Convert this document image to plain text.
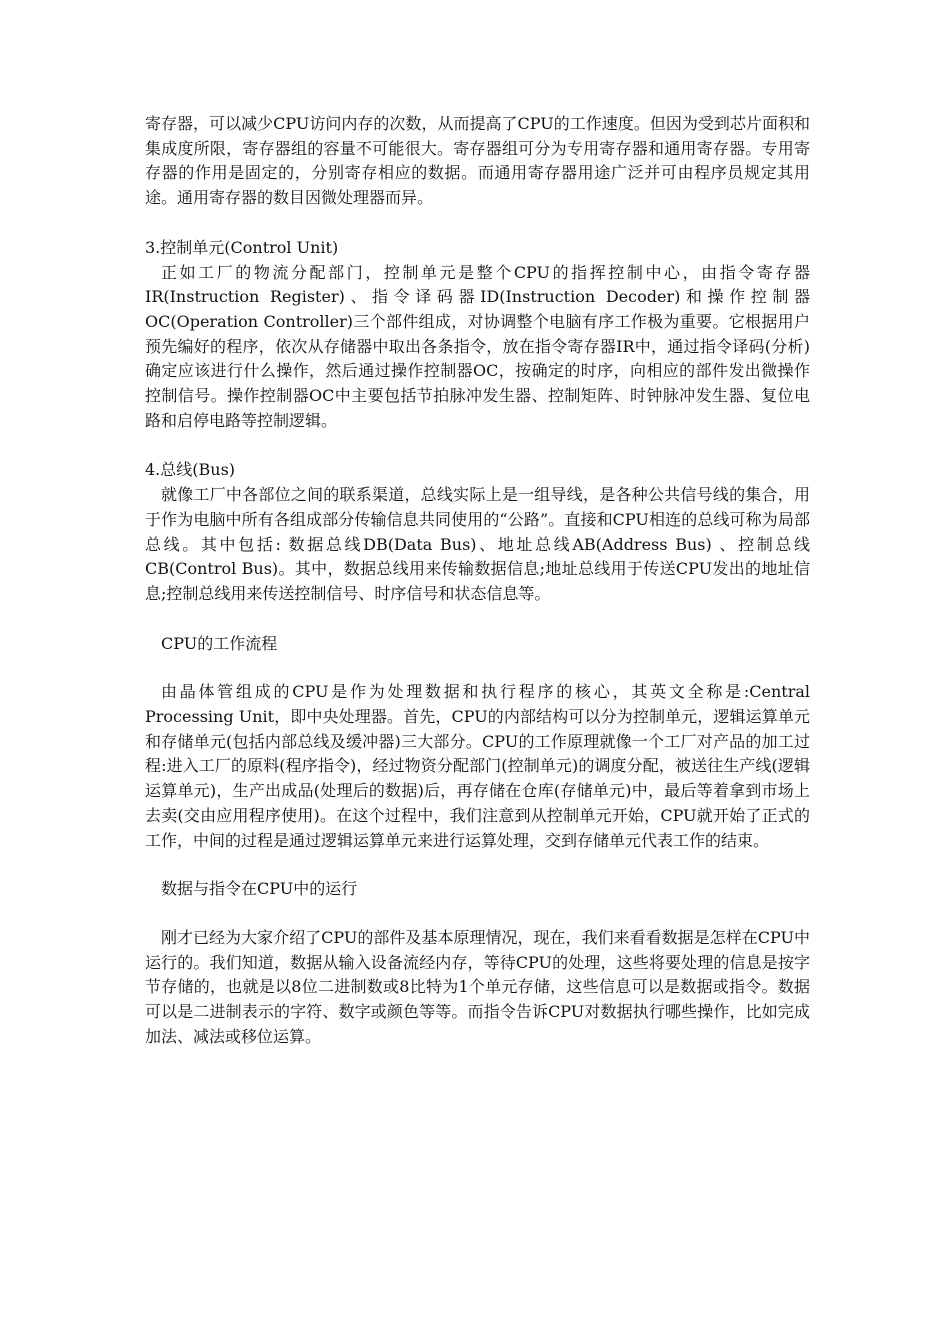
寄存器，可以减少CPU访问内存的次数，从而提高了CPU的工作速度。但因为受到芯片面积和集成度所限，寄存器组的容量不可能很大。寄存器组可分为专用寄存器和通用寄存器。专用寄存器的作用是固定的，分别寄存相应的数据。而通用寄存器用途广泛并可由程序员规定其用途。通用寄存器的数目因微处理器而异。

3.控制单元(Control Unit)

正如工厂的物流分配部门，控制单元是整个CPU的指挥控制中心，由指令寄存器IR(Instruction Register)、指令译码器ID(Instruction Decoder)和操作控制器OC(Operation Controller)三个部件组成，对协调整个电脑有序工作极为重要。它根据用户预先编好的程序，依次从存储器中取出各条指令，放在指令寄存器IR中，通过指令译码(分析)确定应该进行什么操作，然后通过操作控制器OC，按确定的时序，向相应的部件发出微操作控制信号。操作控制器OC中主要包括节拍脉冲发生器、控制矩阵、时钟脉冲发生器、复位电路和启停电路等控制逻辑。

4.总线(Bus)

就像工厂中各部位之间的联系渠道，总线实际上是一组导线，是各种公共信号线的集合，用于作为电脑中所有各组成部分传输信息共同使用的“公路”。直接和CPU相连的总线可称为局部总线。其中包括: 数据总线DB(Data Bus)、地址总线AB(Address Bus) 、控制总线CB(Control Bus)。其中，数据总线用来传输数据信息;地址总线用于传送CPU发出的地址信息;控制总线用来传送控制信号、时序信号和状态信息等。

CPU的工作流程

由晶体管组成的CPU是作为处理数据和执行程序的核心，其英文全称是:Central Processing Unit，即中央处理器。首先，CPU的内部结构可以分为控制单元，逻辑运算单元和存储单元(包括内部总线及缓冲器)三大部分。CPU的工作原理就像一个工厂对产品的加工过程:进入工厂的原料(程序指令)，经过物资分配部门(控制单元)的调度分配，被送往生产线(逻辑运算单元)，生产出成品(处理后的数据)后，再存储在仓库(存储单元)中，最后等着拿到市场上去卖(交由应用程序使用)。在这个过程中，我们注意到从控制单元开始，CPU就开始了正式的工作，中间的过程是通过逻辑运算单元来进行运算处理，交到存储单元代表工作的结束。

数据与指令在CPU中的运行

刚才已经为大家介绍了CPU的部件及基本原理情况，现在，我们来看看数据是怎样在CPU中运行的。我们知道，数据从输入设备流经内存，等待CPU的处理，这些将要处理的信息是按字节存储的，也就是以8位二进制数或8比特为1个单元存储，这些信息可以是数据或指令。数据可以是二进制表示的字符、数字或颜色等等。而指令告诉CPU对数据执行哪些操作，比如完成加法、减法或移位运算。
